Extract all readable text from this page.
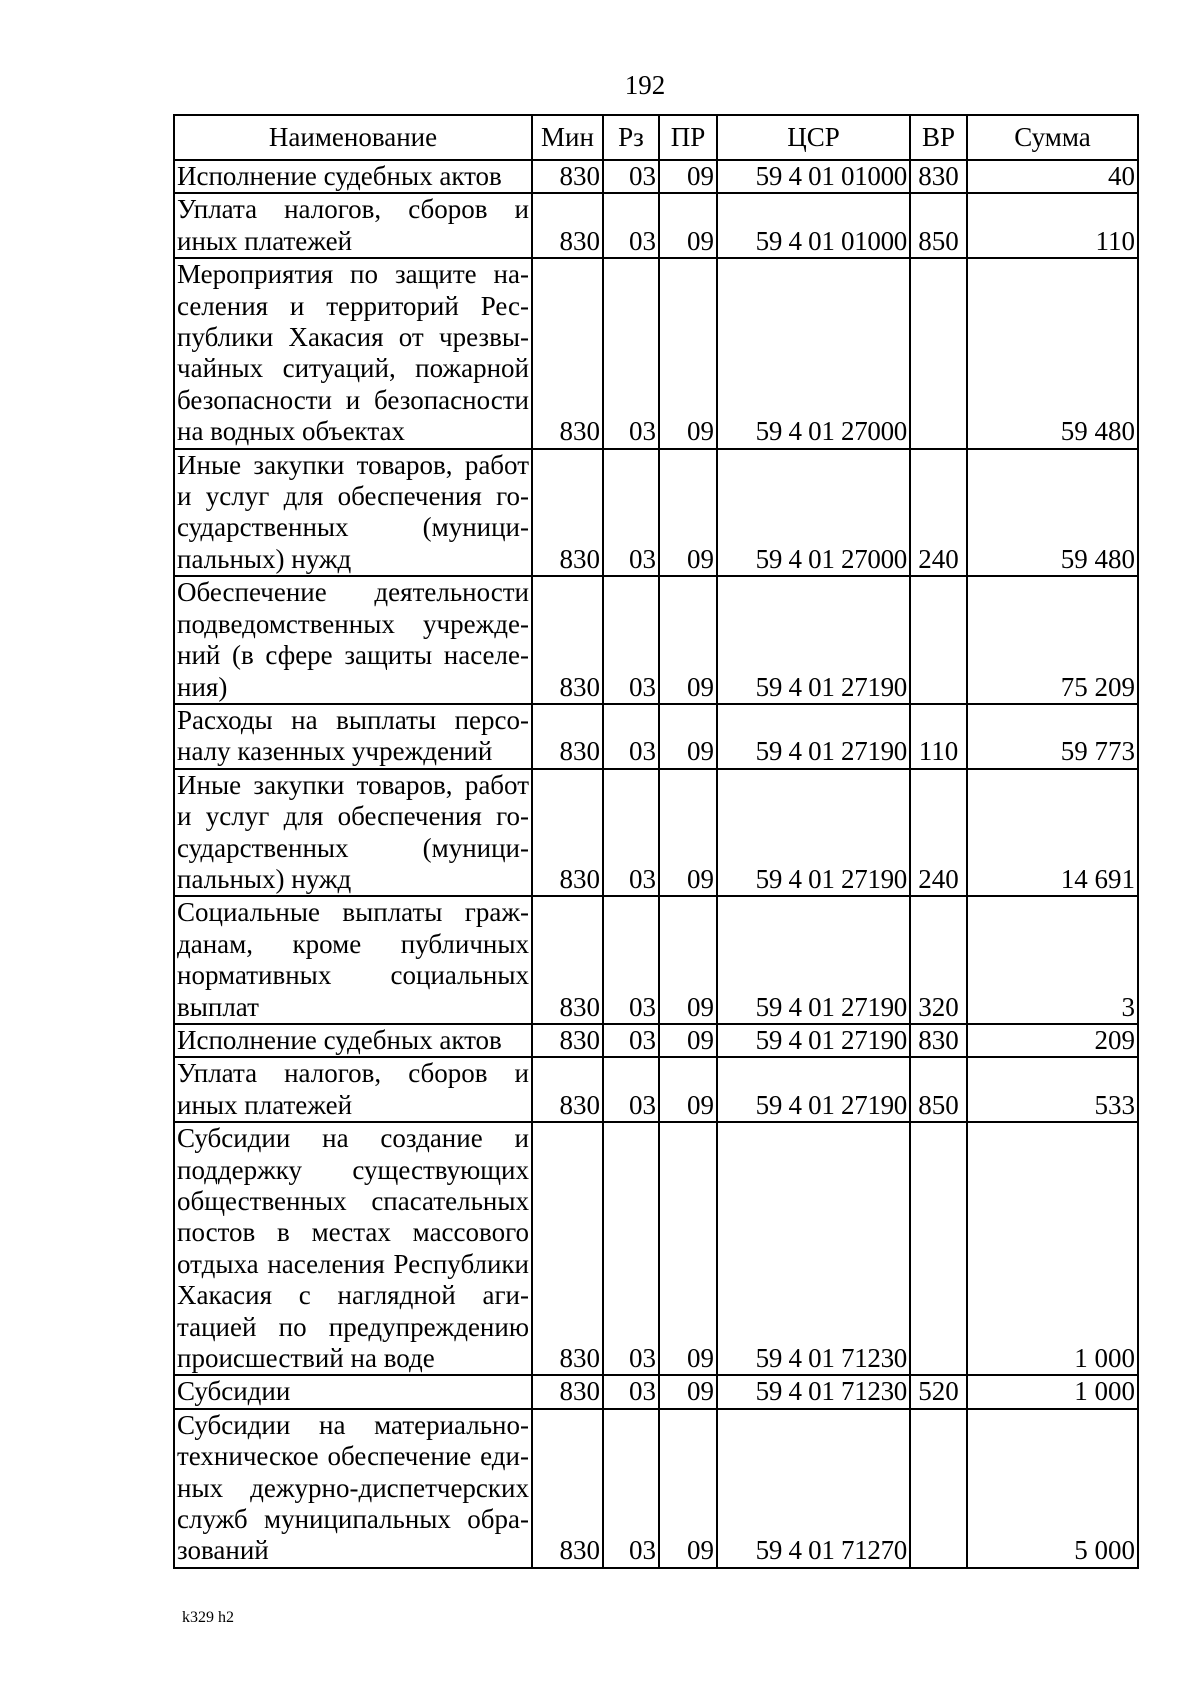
192
Наименование	Мин	Рз	ПР	ЦСР	ВР	Сумма
Исполнение судебных актов	830	03	09	59 4 01 01000	830	40
Уплата налогов, сборов и иных платежей	830	03	09	59 4 01 01000	850	110
Мероприятия по защите населения и территорий Республики Хакасия от чрезвычайных ситуаций, пожарной безопасности и безопасности на водных объектах	830	03	09	59 4 01 27000		59 480
Иные закупки товаров, работ и услуг для обеспечения государственных (муниципальных) нужд	830	03	09	59 4 01 27000	240	59 480
Обеспечение деятельности подведомственных учреждений (в сфере защиты населения)	830	03	09	59 4 01 27190		75 209
Расходы на выплаты персоналу казенных учреждений	830	03	09	59 4 01 27190	110	59 773
Иные закупки товаров, работ и услуг для обеспечения государственных (муниципальных) нужд	830	03	09	59 4 01 27190	240	14 691
Социальные выплаты гражданам, кроме публичных нормативных социальных выплат	830	03	09	59 4 01 27190	320	3
Исполнение судебных актов	830	03	09	59 4 01 27190	830	209
Уплата налогов, сборов и иных платежей	830	03	09	59 4 01 27190	850	533
Субсидии на создание и поддержку существующих общественных спасательных постов в местах массового отдыха населения Республики Хакасия с наглядной агитацией по предупреждению происшествий на воде	830	03	09	59 4 01 71230		1 000
Субсидии	830	03	09	59 4 01 71230	520	1 000
Субсидии на материально-техническое обеспечение единых дежурно-диспетчерских служб муниципальных образований	830	03	09	59 4 01 71270		5 000
k329 h2
